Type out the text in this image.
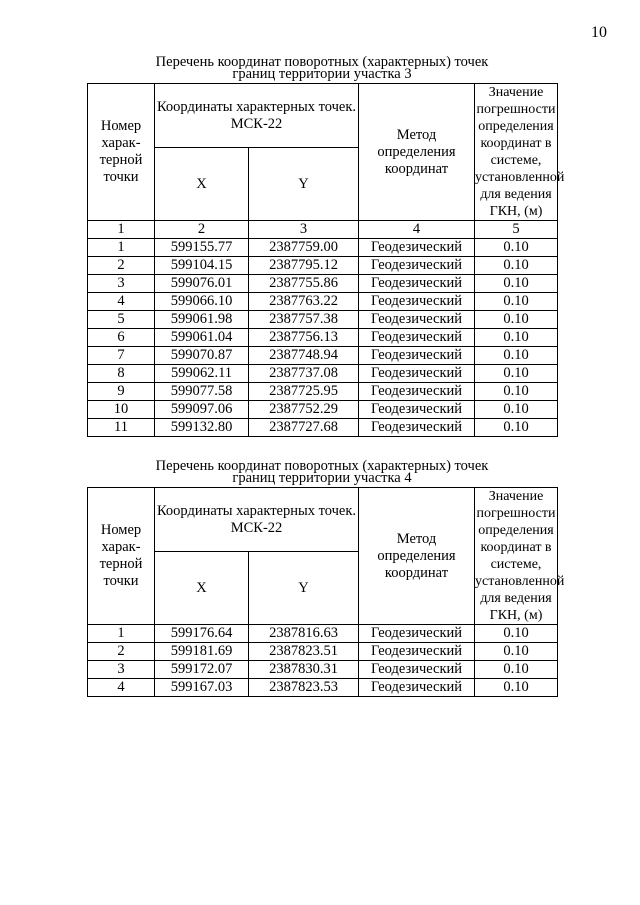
10
Перечень координат поворотных (характерных) точек
границ территории участка 3
Номер харак- терной точки	Координаты характерных точек. МСК-22		Метод определения координат	Значение погрешности определения координат в системе, установленной для ведения ГКН, (м)
	X	Y		
1	2	3	4	5
1	599155.77	2387759.00	Геодезический	0.10
2	599104.15	2387795.12	Геодезический	0.10
3	599076.01	2387755.86	Геодезический	0.10
4	599066.10	2387763.22	Геодезический	0.10
5	599061.98	2387757.38	Геодезический	0.10
6	599061.04	2387756.13	Геодезический	0.10
7	599070.87	2387748.94	Геодезический	0.10
8	599062.11	2387737.08	Геодезический	0.10
9	599077.58	2387725.95	Геодезический	0.10
10	599097.06	2387752.29	Геодезический	0.10
11	599132.80	2387727.68	Геодезический	0.10
Перечень координат поворотных (характерных) точек
границ территории участка 4
Номер харак- терной точки	Координаты характерных точек. МСК-22		Метод определения координат	Значение погрешности определения координат в системе, установленной для ведения ГКН, (м)
	X	Y		
1	599176.64	2387816.63	Геодезический	0.10
2	599181.69	2387823.51	Геодезический	0.10
3	599172.07	2387830.31	Геодезический	0.10
4	599167.03	2387823.53	Геодезический	0.10
